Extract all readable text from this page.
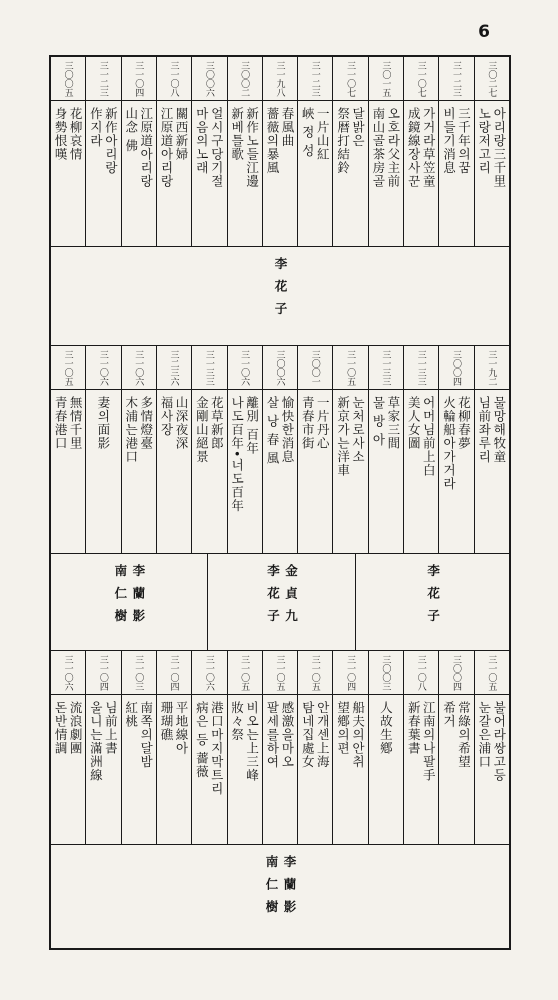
6
三〇二七
아리랑三千里
노랑저고리
三一二三
三千年의꿈
비들기消息
三一〇七
가거라草笠童
成鏡線장사꾼
三〇一五
오호라父主前
南山골茶房골
三一〇七
달밝은
祭暦打結鈴
三一二三
一片山紅
峽 정 성
三一九八
春風曲
薔薇의暴風
三〇〇二
新作노들江邊
新베틀歌
三〇〇六
얼시구당기절
마음의노래
三一〇八
關西新婦
江原道아리랑
三一〇四
江原道아리랑
山念 佛
三一二三
新作아리랑
作지라
三〇〇五
花柳哀情
身勢恨嘆
李花子
三一九二
물망해牧童
님前좌루리
三〇〇四
花柳春夢
火輪船아가거라
三一三三
어머님前上白
美人女圖
三一三三
草家三間
물 방 아
三一〇五
눈처로사소
新京가는洋車
三〇〇一
一片丹心
青春市街
三〇〇六
愉快한消息
살 낭 春 風
三一〇六
離別 百年
나도百年•너도百年
三一三三
花草新郎
金剛山絕景
三二三六
山深夜深
福사장
三一〇六
多情燈臺
木浦는港口
三一〇六
妻의面影
三一〇五
無情千里
青春港口
李花子
金貞九
李花子
李蘭影
南仁樹
三一〇五
불어라쌍고등
눈갈은浦口
三〇〇四
常綠의希望
希거
三一〇八
江南의나팔手
新春葉書
三〇〇三
人故生鄕
三一〇四
船夫의안취
望鄕의편
三一〇五
안개센上海
탐네집處女
三一〇五
感激을마오
팔세를하여
三一〇五
비오는上三峰
妝々祭
三一〇六
港口마지막트리
病은 등 薔薇
三一〇四
平地線아
珊瑚礁
三一〇三
南쪽의달밤
紅桃
三一〇四
님前上書
울니는滿洲線
三一〇六
流浪劇團
돈반情調
李蘭影
南仁樹
